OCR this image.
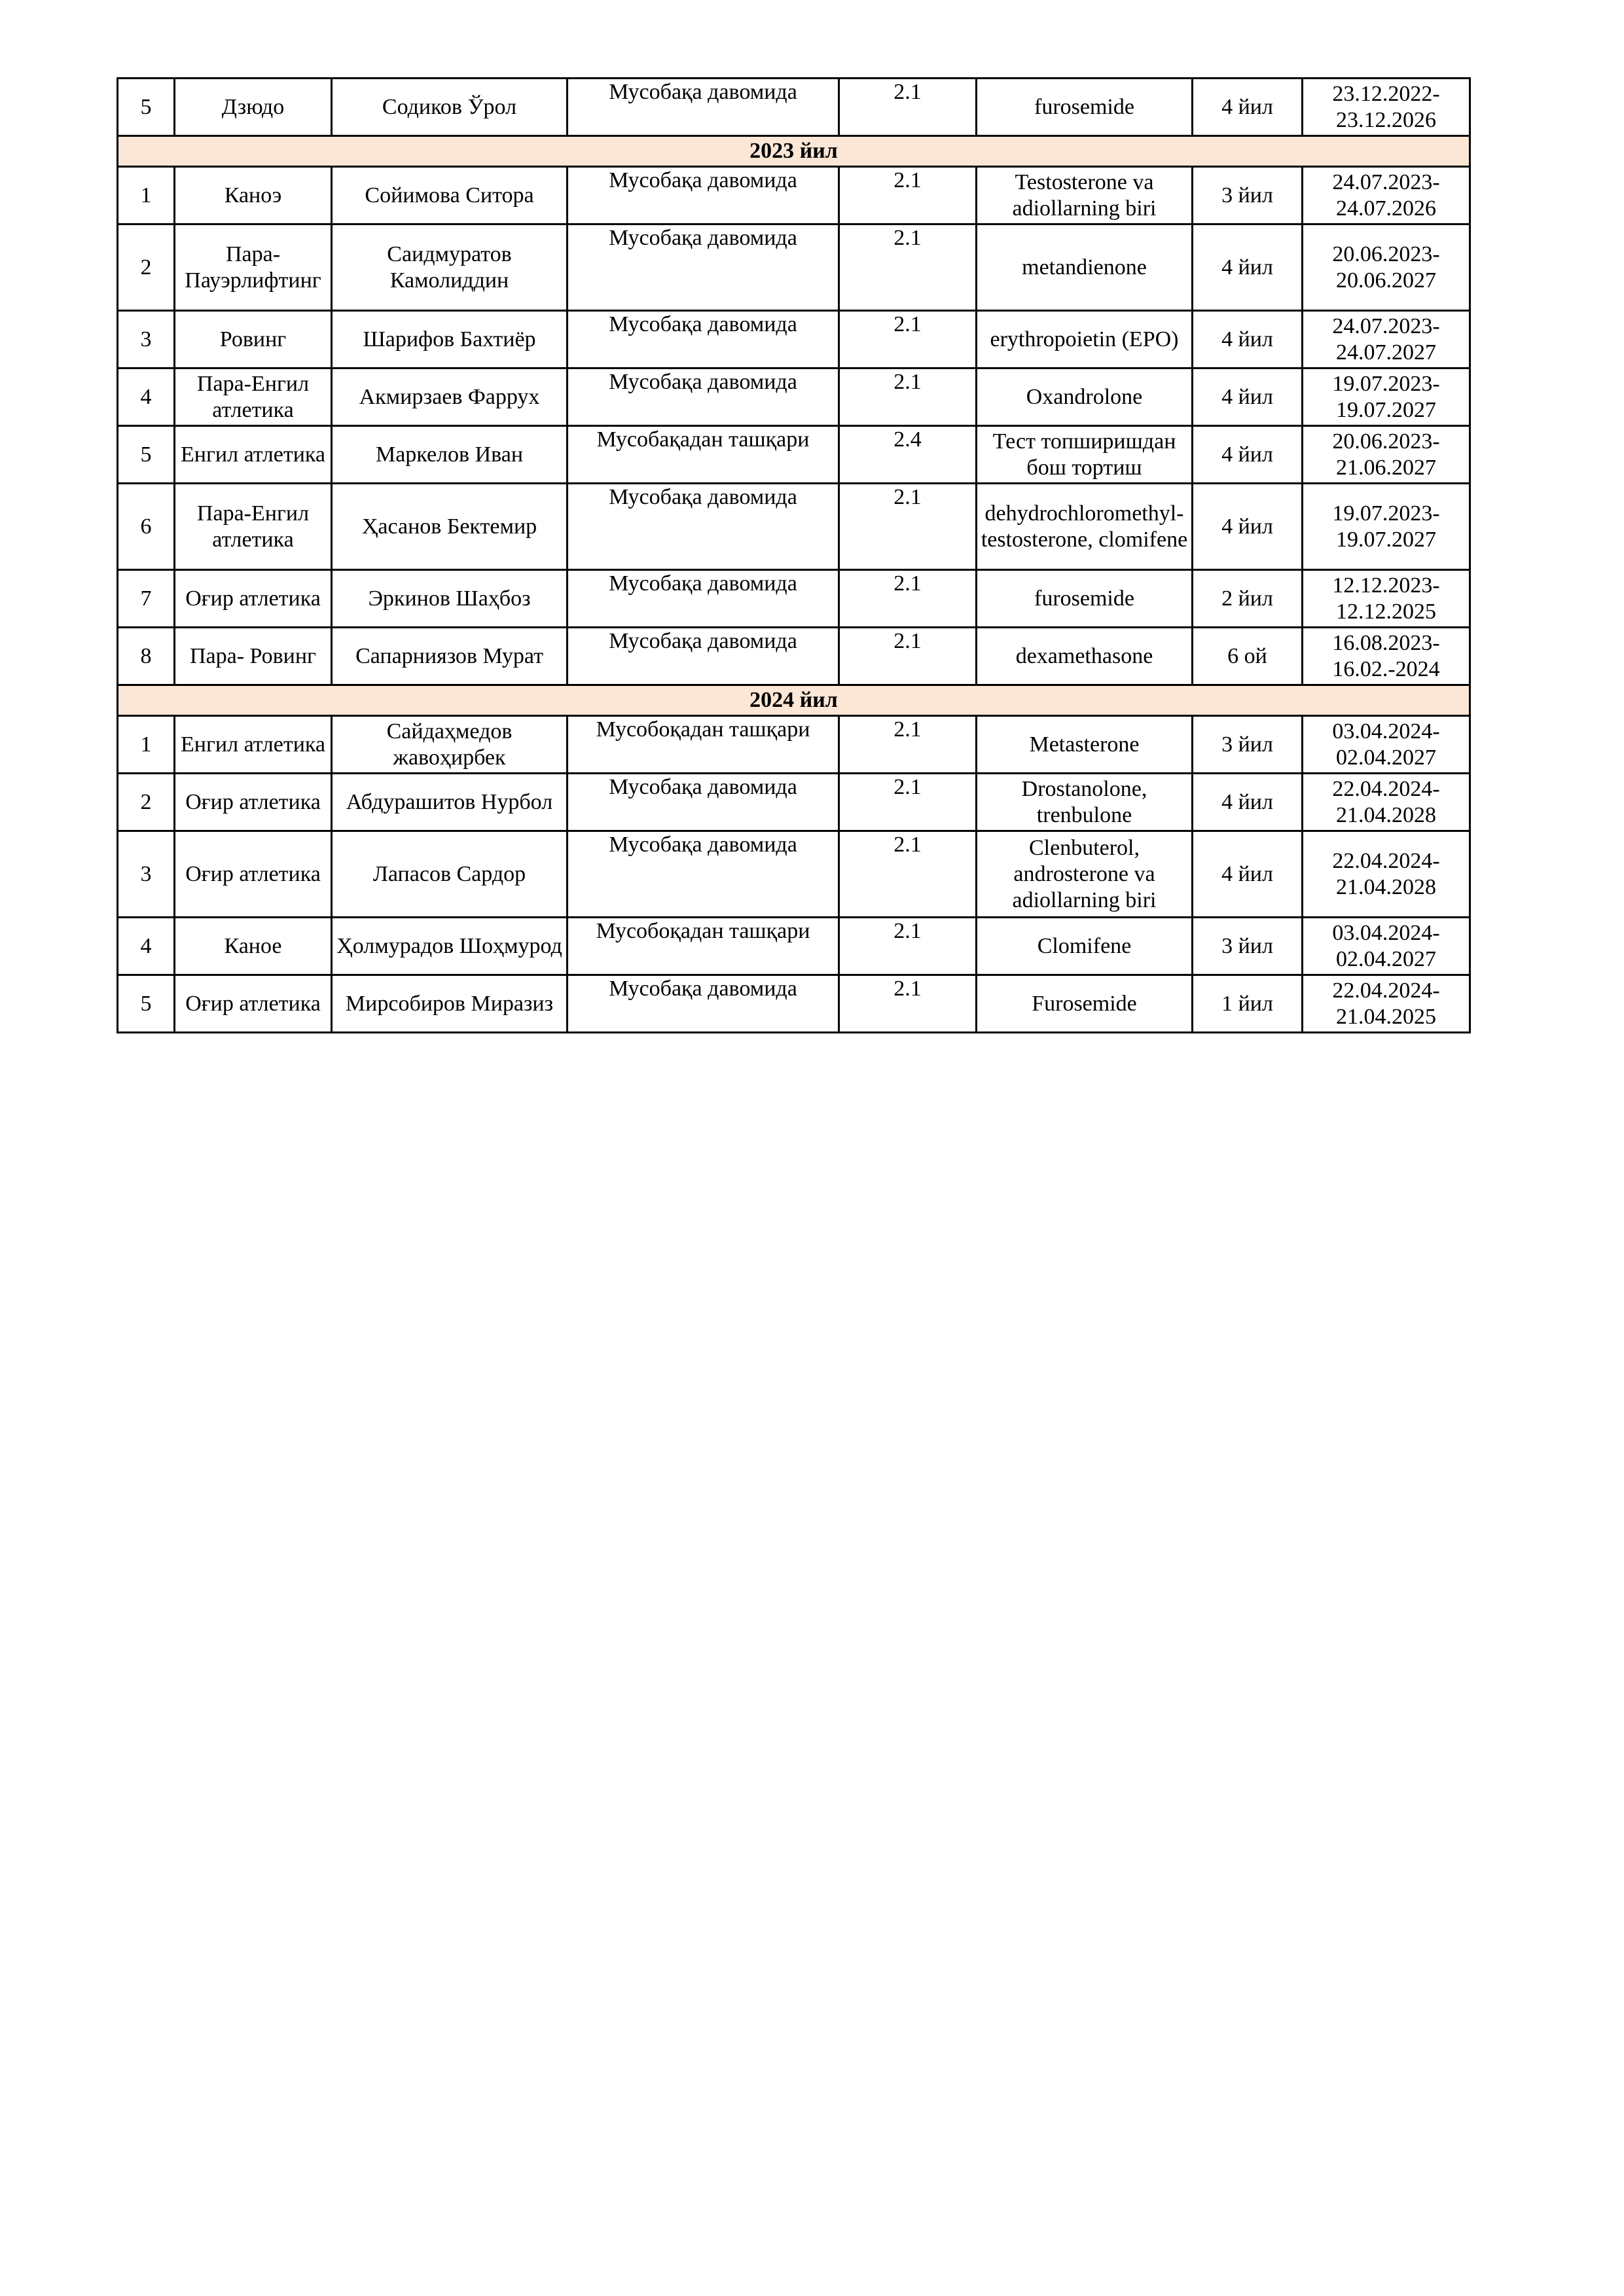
5	Дзюдо	Содиков Ўрол	Мусобақа давомида	2.1	furosemide	4 йил	23.12.2022-23.12.2026
2023 йил							
1	Каноэ	Сойимова Ситора	Мусобақа давомида	2.1	Testosterone va adiollarning biri	3 йил	24.07.2023-24.07.2026
2	Пара-Пауэрлифтинг	Саидмуратов Камолиддин	Мусобақа давомида	2.1	metandienone	4 йил	20.06.2023-20.06.2027
3	Ровинг	Шарифов Бахтиёр	Мусобақа давомида	2.1	erythropoietin (EPO)	4 йил	24.07.2023-24.07.2027
4	Пара-Енгил атлетика	Акмирзаев Фаррух	Мусобақа давомида	2.1	Oxandrolone	4 йил	19.07.2023-19.07.2027
5	Енгил атлетика	Маркелов Иван	Мусобақадан ташқари	2.4	Тест топширишдан бош тортиш	4 йил	20.06.2023-21.06.2027
6	Пара-Енгил атлетика	Ҳасанов Бектемир	Мусобақа давомида	2.1	dehydrochloromethyl-testosterone, clomifene	4 йил	19.07.2023-19.07.2027
7	Оғир атлетика	Эркинов Шаҳбоз	Мусобақа давомида	2.1	furosemide	2 йил	12.12.2023-12.12.2025
8	Пара- Ровинг	Сапарниязов Мурат	Мусобақа давомида	2.1	dexamethasone	6 ой	16.08.2023-16.02.-2024
2024 йил							
1	Енгил атлетика	Сайдаҳмедов жавоҳирбек	Мусобоқадан ташқари	2.1	Metasterone	3 йил	03.04.2024-02.04.2027
2	Оғир атлетика	Абдурашитов Нурбол	Мусобақа давомида	2.1	Drostanolone, trenbulone	4 йил	22.04.2024-21.04.2028
3	Оғир атлетика	Лапасов Сардор	Мусобақа давомида	2.1	Clenbuterol, androsterone va adiollarning biri	4 йил	22.04.2024-21.04.2028
4	Каное	Ҳолмурадов Шоҳмурод	Мусобоқадан ташқари	2.1	Clomifene	3 йил	03.04.2024-02.04.2027
5	Оғир атлетика	Мирсобиров Миразиз	Мусобақа давомида	2.1	Furosemide	1 йил	22.04.2024-21.04.2025
